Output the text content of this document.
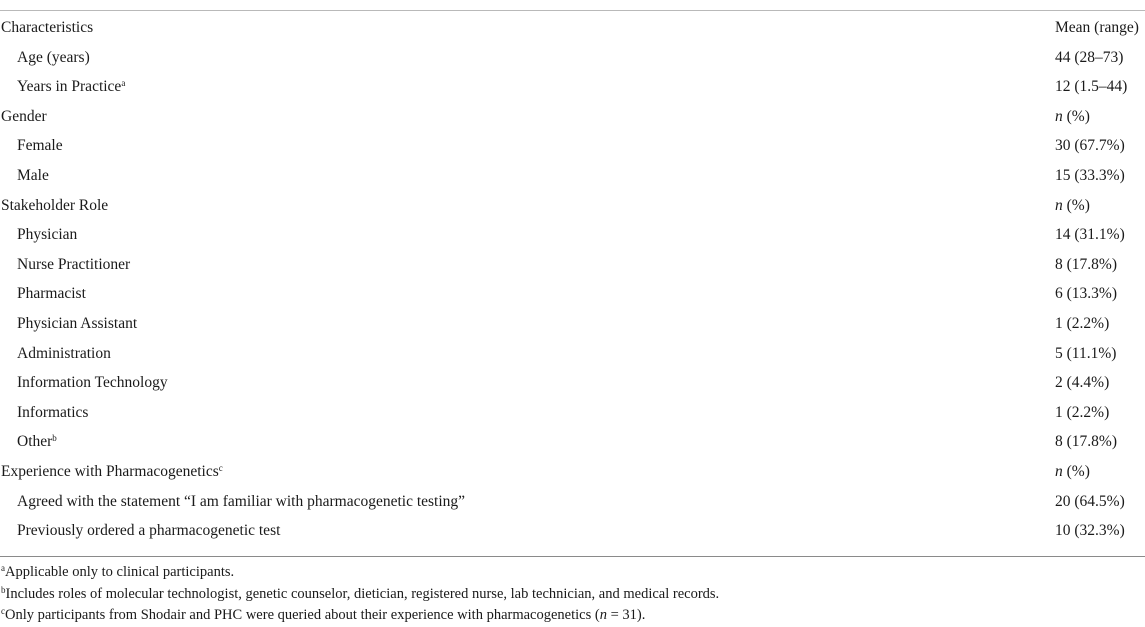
Characteristics	Mean (range)
Age (years)	44 (28–73)
Years in Practice$^a$	12 (1.5–44)
Gender	n (%)
Female	30 (67.7%)
Male	15 (33.3%)
Stakeholder Role	n (%)
Physician	14 (31.1%)
Nurse Practitioner	8 (17.8%)
Pharmacist	6 (13.3%)
Physician Assistant	1 (2.2%)
Administration	5 (11.1%)
Information Technology	2 (4.4%)
Informatics	1 (2.2%)
Other$^b$	8 (17.8%)
Experience with Pharmacogenetics$^c$	n (%)
Agreed with the statement “I am familiar with pharmacogenetic testing”	20 (64.5%)
Previously ordered a pharmacogenetic test	10 (32.3%)
$^a$Applicable only to clinical participants.
$^b$Includes roles of molecular technologist, genetic counselor, dietician, registered nurse, lab technician, and medical records.
$^c$Only participants from Shodair and PHC were queried about their experience with pharmacogenetics (n = 31).
